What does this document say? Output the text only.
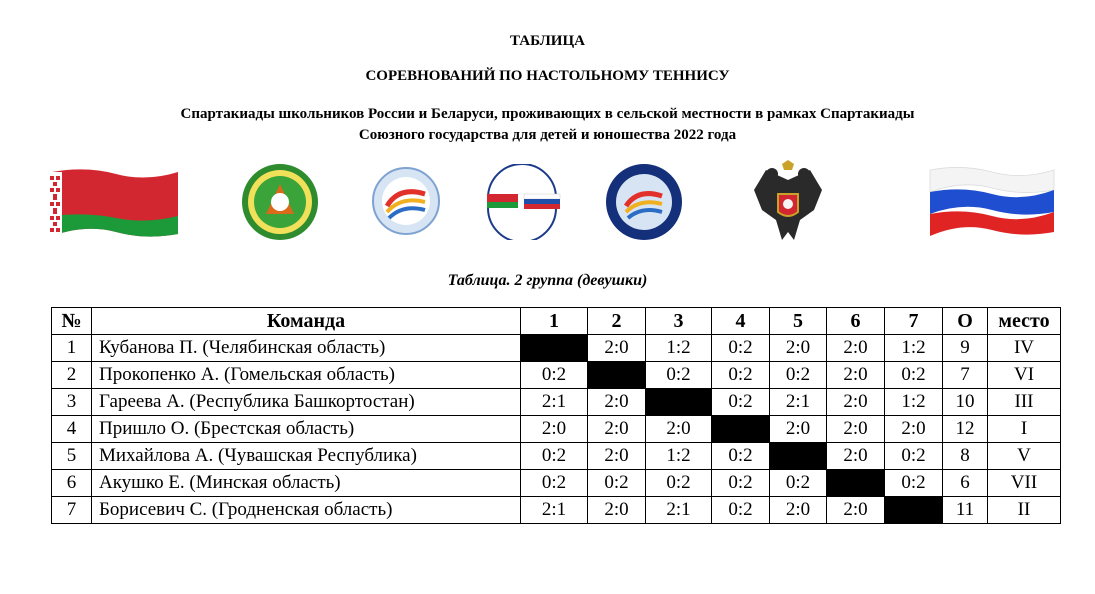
ТАБЛИЦА
СОРЕВНОВАНИЙ ПО НАСТОЛЬНОМУ ТЕННИСУ
Спартакиады школьников России и Беларуси, проживающих в сельской местности в рамках Спартакиады
Союзного государства для детей и юношества 2022 года
Таблица. 2 группа (девушки)
№	Команда	1	2	3	4	5	6	7	О	место
1	Кубанова П. (Челябинская область)		2:0	1:2	0:2	2:0	2:0	1:2	9	IV
2	Прокопенко А. (Гомельская область)	0:2		0:2	0:2	0:2	2:0	0:2	7	VI
3	Гареева А. (Республика Башкортостан)	2:1	2:0		0:2	2:1	2:0	1:2	10	III
4	Пришло О. (Брестская область)	2:0	2:0	2:0		2:0	2:0	2:0	12	I
5	Михайлова А. (Чувашская Республика)	0:2	2:0	1:2	0:2		2:0	0:2	8	V
6	Акушко Е. (Минская область)	0:2	0:2	0:2	0:2	0:2		0:2	6	VII
7	Борисевич С. (Гродненская область)	2:1	2:0	2:1	0:2	2:0	2:0		11	II
